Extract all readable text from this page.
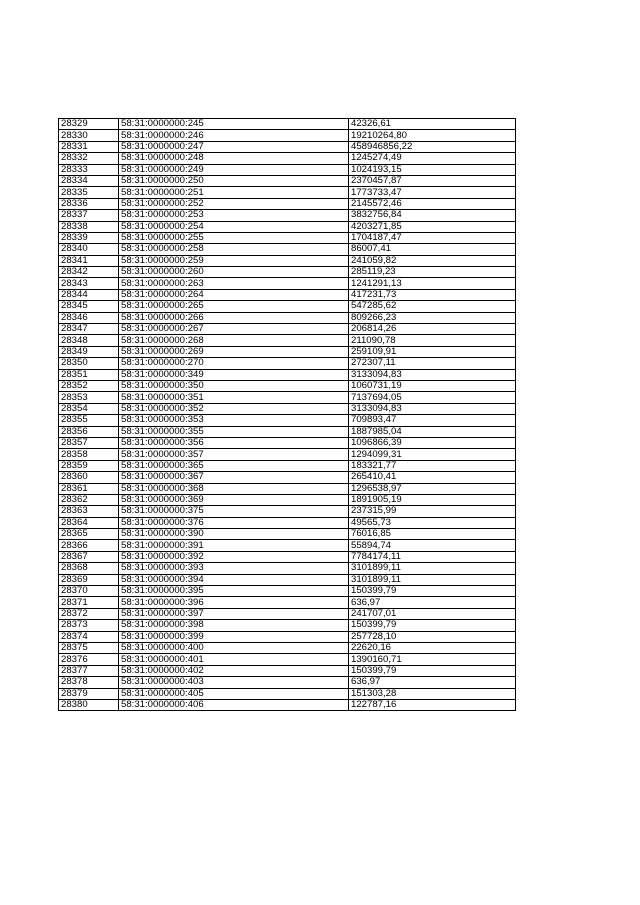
28329	58:31:0000000:245	42326,61
28330	58:31:0000000:246	19210264,80
28331	58:31:0000000:247	458946856,22
28332	58:31:0000000:248	1245274,49
28333	58:31:0000000:249	1024193,15
28334	58:31:0000000:250	2370457,87
28335	58:31:0000000:251	1773733,47
28336	58:31:0000000:252	2145572,46
28337	58:31:0000000:253	3832756,84
28338	58:31:0000000:254	4203271,85
28339	58:31:0000000:255	1704187,47
28340	58:31:0000000:258	86007,41
28341	58:31:0000000:259	241059,82
28342	58:31:0000000:260	285119,23
28343	58:31:0000000:263	1241291,13
28344	58:31:0000000:264	417231,73
28345	58:31:0000000:265	547285,62
28346	58:31:0000000:266	809266,23
28347	58:31:0000000:267	206814,26
28348	58:31:0000000:268	211090,78
28349	58:31:0000000:269	259109,91
28350	58:31:0000000:270	272307,11
28351	58:31:0000000:349	3133094,83
28352	58:31:0000000:350	1060731,19
28353	58:31:0000000:351	7137694,05
28354	58:31:0000000:352	3133094,83
28355	58:31:0000000:353	709893,47
28356	58:31:0000000:355	1887985,04
28357	58:31:0000000:356	1096866,39
28358	58:31:0000000:357	1294099,31
28359	58:31:0000000:365	183321,77
28360	58:31:0000000:367	265410,41
28361	58:31:0000000:368	1296538,97
28362	58:31:0000000:369	1891905,19
28363	58:31:0000000:375	237315,99
28364	58:31:0000000:376	49565,73
28365	58:31:0000000:390	76016,85
28366	58:31:0000000:391	55894,74
28367	58:31:0000000:392	7784174,11
28368	58:31:0000000:393	3101899,11
28369	58:31:0000000:394	3101899,11
28370	58:31:0000000:395	150399,79
28371	58:31:0000000:396	636,97
28372	58:31:0000000:397	241707,01
28373	58:31:0000000:398	150399,79
28374	58:31:0000000:399	257728,10
28375	58:31:0000000:400	22620,16
28376	58:31:0000000:401	1390160,71
28377	58:31:0000000:402	150399,79
28378	58:31:0000000:403	636,97
28379	58:31:0000000:405	151303,28
28380	58:31:0000000:406	122787,16
